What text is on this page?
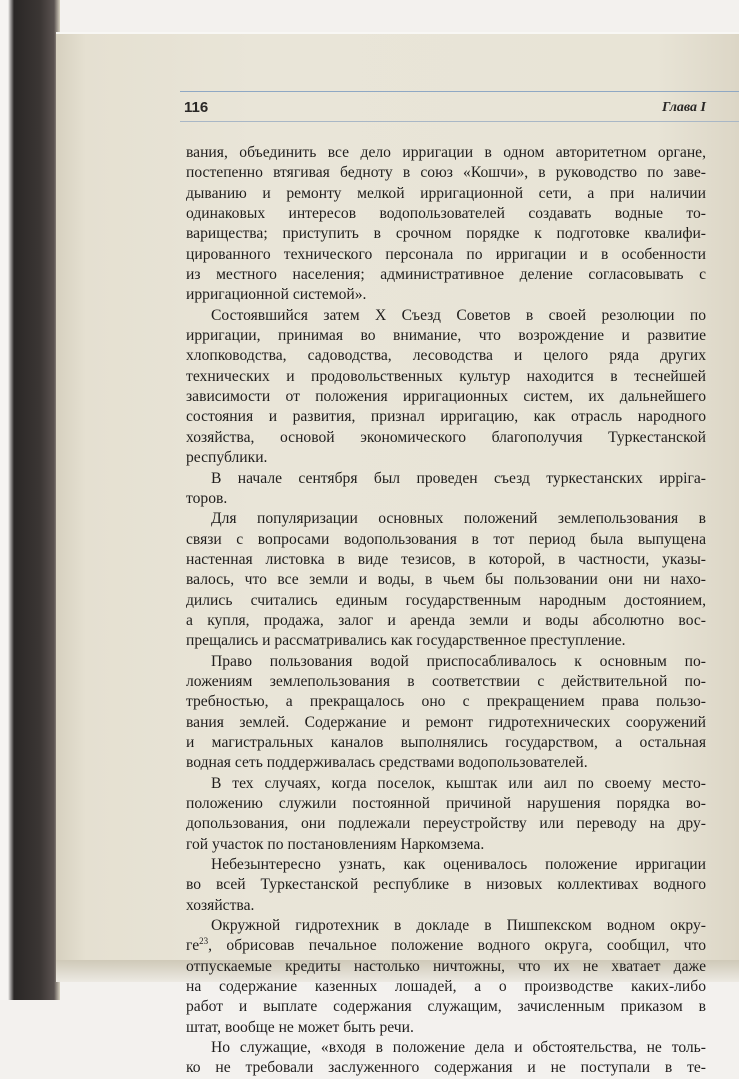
116	Глава I
вания, объединить все дело ирригации в одном авторитетном органе,
постепенно втягивая бедноту в союз «Кошчи», в руководство по заве-
дыванию и ремонту мелкой ирригационной сети, а при наличии
одинаковых интересов водопользователей создавать водные то-
варищества; приступить в срочном порядке к подготовке квалифи-
цированного технического персонала по ирригации и в особенности
из местного населения; административное деление согласовывать с
ирригационной системой».
Состоявшийся затем X Съезд Советов в своей резолюции по
ирригации, принимая во внимание, что возрождение и развитие
хлопководства, садоводства, лесоводства и целого ряда других
технических и продовольственных культур находится в теснейшей
зависимости от положения ирригационных систем, их дальнейшего
состояния и развития, признал ирригацию, как отрасль народного
хозяйства, основой экономического благополучия Туркестанской
республики.
В начале сентября был проведен съезд туркестанских ирріга-
торов.
Для популяризации основных положений землепользования в
связи с вопросами водопользования в тот период была выпущена
настенная листовка в виде тезисов, в которой, в частности, указы-
валось, что все земли и воды, в чьем бы пользовании они ни нахо-
дились считались единым государственным народным достоянием,
а купля, продажа, залог и аренда земли и воды абсолютно вос-
прещались и рассматривались как государственное преступление.
Право пользования водой приспосабливалось к основным по-
ложениям землепользования в соответствии с действительной по-
требностью, а прекращалось оно с прекращением права пользо-
вания землей. Содержание и ремонт гидротехнических сооружений
и магистральных каналов выполнялись государством, а остальная
водная сеть поддерживалась средствами водопользователей.
В тех случаях, когда поселок, кыштак или аил по своему место-
положению служили постоянной причиной нарушения порядка во-
допользования, они подлежали переустройству или переводу на дру-
гой участок по постановлениям Наркомзема.
Небезынтересно узнать, как оценивалось положение ирригации
во всей Туркестанской республике в низовых коллективах водного
хозяйства.
Окружной гидротехник в докладе в Пишпекском водном окру-
$ге^{23}$, обрисовав печальное положение водного округа, сообщил, что
отпускаемые кредиты настолько ничтожны, что их не хватает даже
на содержание казенных лошадей, а о производстве каких-либо
работ и выплате содержания служащим, зачисленным приказом в
штат, вообще не может быть речи.
Но служащие, «входя в положение дела и обстоятельства, не толь-
ко не требовали заслуженного содержания и не поступали в те-
